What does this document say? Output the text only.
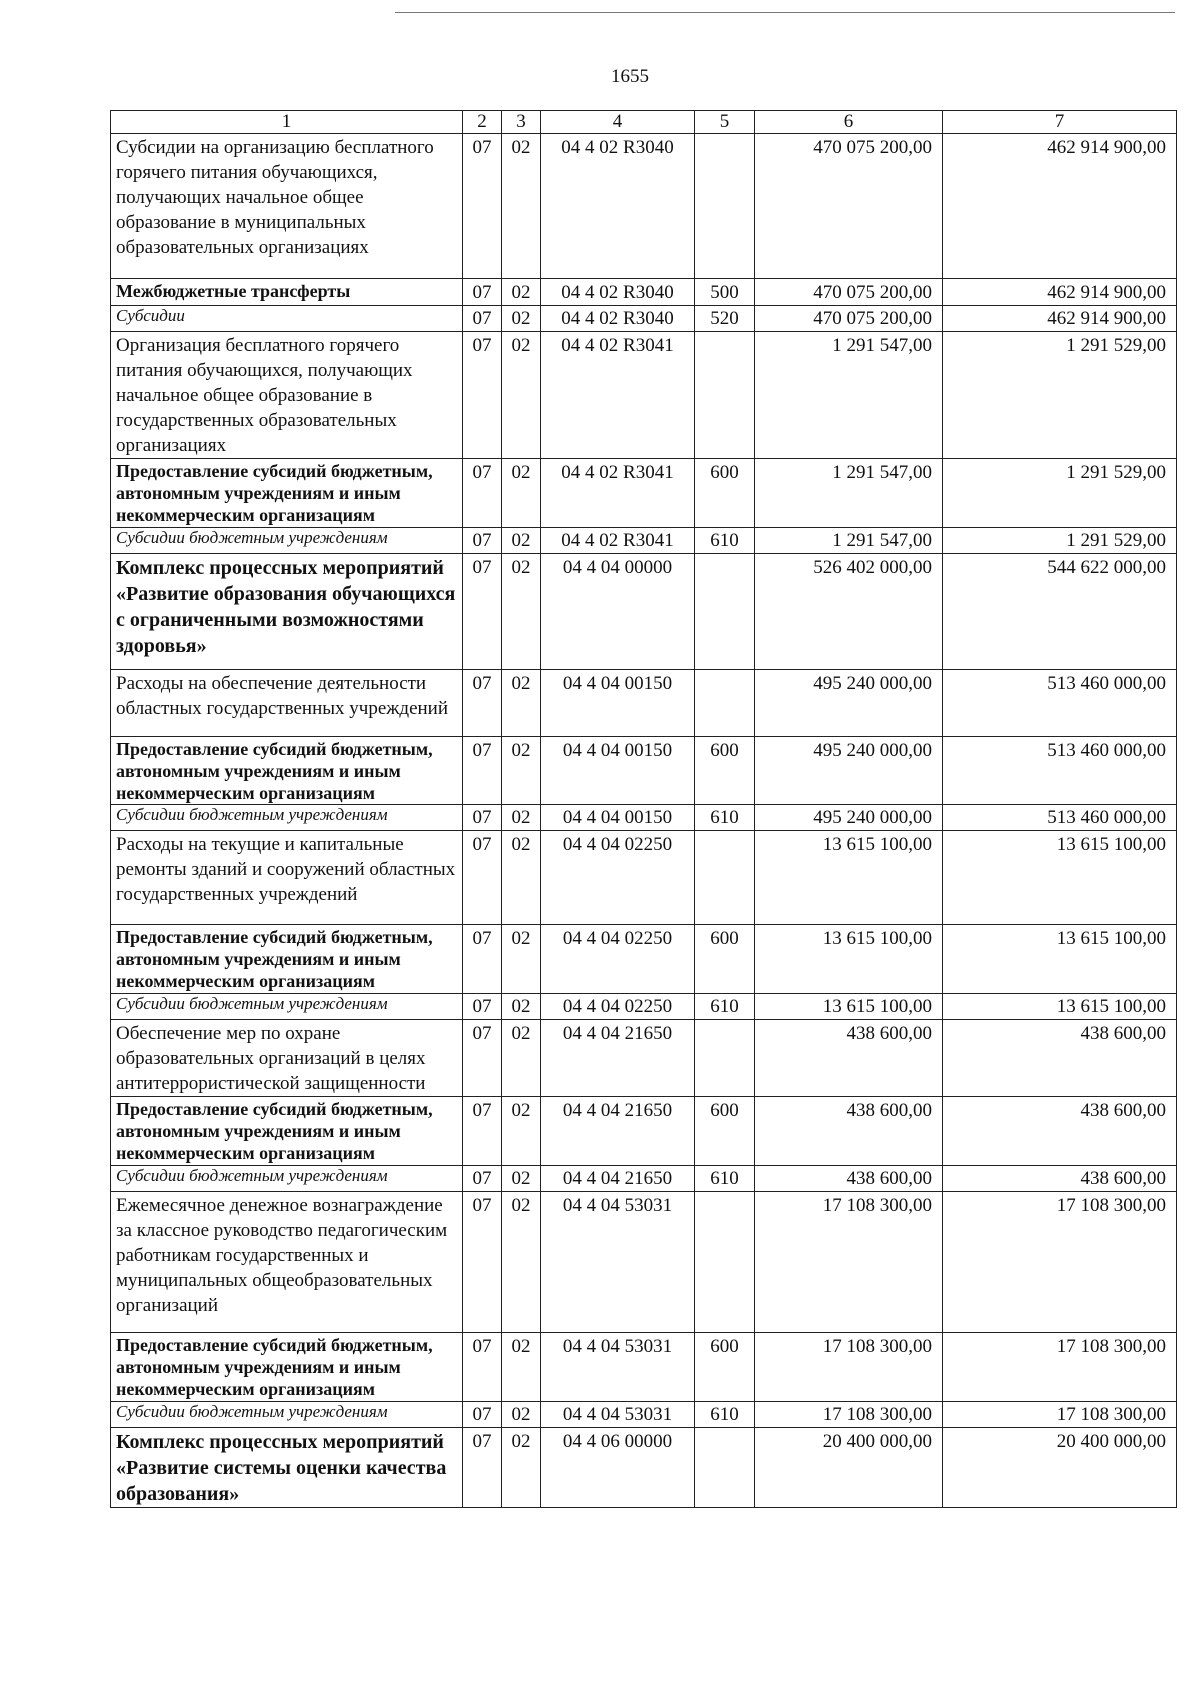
1655
1	2	3	4	5	6	7
Субсидии на организацию бесплатного горячего питания обучающихся, получающих начальное общее образование в муниципальных образовательных организациях	07	02	04 4 02 R3040		470 075 200,00	462 914 900,00
Межбюджетные трансферты	07	02	04 4 02 R3040	500	470 075 200,00	462 914 900,00
Субсидии	07	02	04 4 02 R3040	520	470 075 200,00	462 914 900,00
Организация бесплатного горячего питания обучающихся, получающих начальное общее образование в государственных образовательных организациях	07	02	04 4 02 R3041		1 291 547,00	1 291 529,00
Предоставление субсидий бюджетным, автономным учреждениям и иным некоммерческим организациям	07	02	04 4 02 R3041	600	1 291 547,00	1 291 529,00
Субсидии бюджетным учреждениям	07	02	04 4 02 R3041	610	1 291 547,00	1 291 529,00
Комплекс процессных мероприятий «Развитие образования обучающихся с ограниченными возможностями здоровья»	07	02	04 4 04 00000		526 402 000,00	544 622 000,00
Расходы на обеспечение деятельности областных государственных учреждений	07	02	04 4 04 00150		495 240 000,00	513 460 000,00
Предоставление субсидий бюджетным, автономным учреждениям и иным некоммерческим организациям	07	02	04 4 04 00150	600	495 240 000,00	513 460 000,00
Субсидии бюджетным учреждениям	07	02	04 4 04 00150	610	495 240 000,00	513 460 000,00
Расходы на текущие и капитальные ремонты зданий и сооружений областных государственных учреждений	07	02	04 4 04 02250		13 615 100,00	13 615 100,00
Предоставление субсидий бюджетным, автономным учреждениям и иным некоммерческим организациям	07	02	04 4 04 02250	600	13 615 100,00	13 615 100,00
Субсидии бюджетным учреждениям	07	02	04 4 04 02250	610	13 615 100,00	13 615 100,00
Обеспечение мер по охране образовательных организаций в целях антитеррористической защищенности	07	02	04 4 04 21650		438 600,00	438 600,00
Предоставление субсидий бюджетным, автономным учреждениям и иным некоммерческим организациям	07	02	04 4 04 21650	600	438 600,00	438 600,00
Субсидии бюджетным учреждениям	07	02	04 4 04 21650	610	438 600,00	438 600,00
Ежемесячное денежное вознаграждение за классное руководство педагогическим работникам государственных и муниципальных общеобразовательных организаций	07	02	04 4 04 53031		17 108 300,00	17 108 300,00
Предоставление субсидий бюджетным, автономным учреждениям и иным некоммерческим организациям	07	02	04 4 04 53031	600	17 108 300,00	17 108 300,00
Субсидии бюджетным учреждениям	07	02	04 4 04 53031	610	17 108 300,00	17 108 300,00
Комплекс процессных мероприятий «Развитие системы оценки качества образования»	07	02	04 4 06 00000		20 400 000,00	20 400 000,00
